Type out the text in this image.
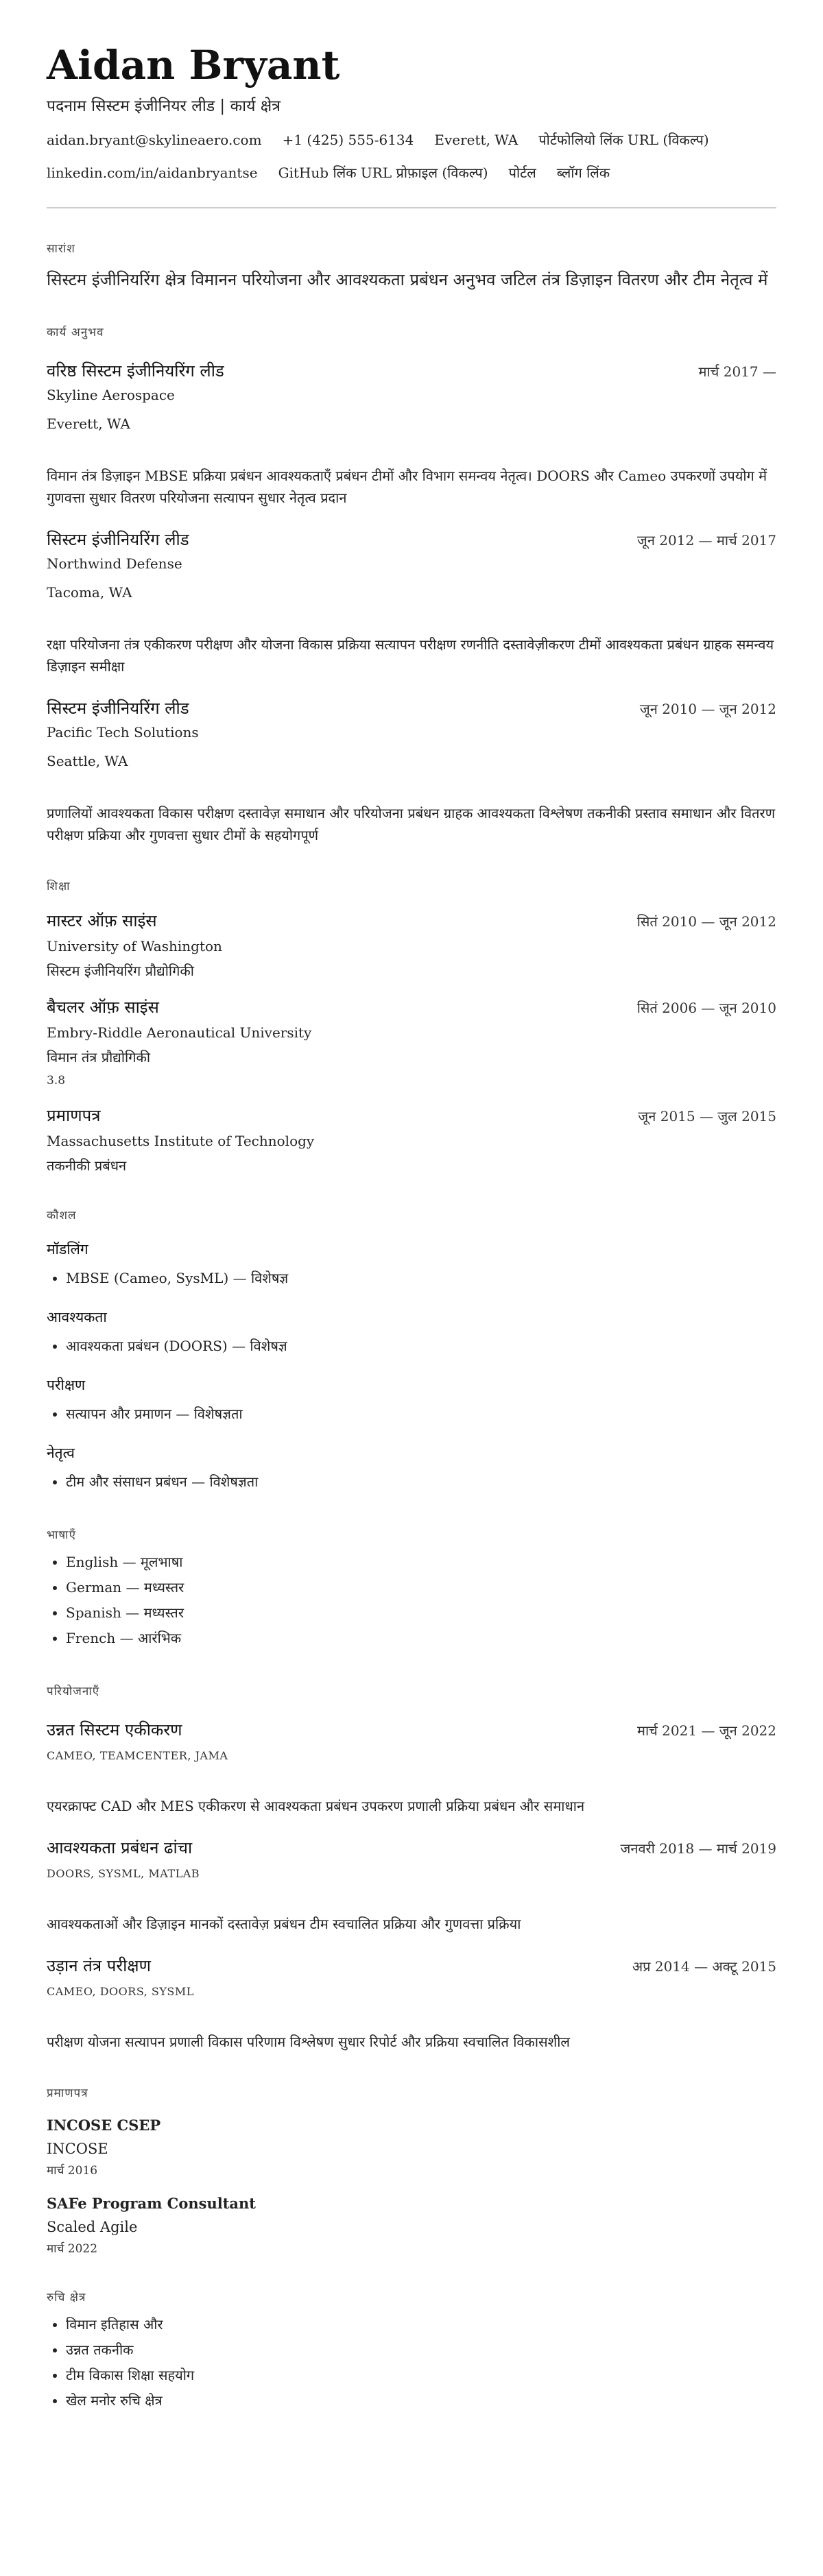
Aidan Bryant
पदनाम सिस्टम इंजीनियर लीड | कार्य क्षेत्र
aidan.bryant@skylineaero.com +1 (425) 555-6134 Everett, WA पोर्टफोलियो लिंक URL (विकल्प)
linkedin.com/in/aidanbryantse GitHub लिंक URL प्रोफ़ाइल (विकल्प) पोर्टल ब्लॉग लिंक
सारांश
सिस्टम इंजीनियरिंग क्षेत्र विमानन परियोजना और आवश्यकता प्रबंधन अनुभव जटिल तंत्र डिज़ाइन वितरण और टीम नेतृत्व में
कार्य अनुभव
वरिष्ठ सिस्टम इंजीनियरिंग लीड	मार्च 2017 —
Skyline Aerospace
Everett, WA
विमान तंत्र डिज़ाइन MBSE प्रक्रिया प्रबंधन आवश्यकताएँ प्रबंधन टीमों और विभाग समन्वय नेतृत्व। DOORS और Cameo उपकरणों उपयोग में गुणवत्ता सुधार वितरण परियोजना सत्यापन सुधार नेतृत्व प्रदान
सिस्टम इंजीनियरिंग लीड	जून 2012 — मार्च 2017
Northwind Defense
Tacoma, WA
रक्षा परियोजना तंत्र एकीकरण परीक्षण और योजना विकास प्रक्रिया सत्यापन परीक्षण रणनीति दस्तावेज़ीकरण टीमों आवश्यकता प्रबंधन ग्राहक समन्वय डिज़ाइन समीक्षा
सिस्टम इंजीनियरिंग लीड	जून 2010 — जून 2012
Pacific Tech Solutions
Seattle, WA
प्रणालियों आवश्यकता विकास परीक्षण दस्तावेज़ समाधान और परियोजना प्रबंधन ग्राहक आवश्यकता विश्लेषण तकनीकी प्रस्ताव समाधान और वितरण परीक्षण प्रक्रिया और गुणवत्ता सुधार टीमों के सहयोगपूर्ण
शिक्षा
मास्टर ऑफ़ साइंस	सितं 2010 — जून 2012
University of Washington
सिस्टम इंजीनियरिंग प्रौद्योगिकी
बैचलर ऑफ़ साइंस	सितं 2006 — जून 2010
Embry-Riddle Aeronautical University
विमान तंत्र प्रौद्योगिकी
3.8
प्रमाणपत्र	जून 2015 — जुल 2015
Massachusetts Institute of Technology
तकनीकी प्रबंधन
कौशल
मॉडलिंग
• MBSE (Cameo, SysML) — विशेषज्ञ
आवश्यकता
• आवश्यकता प्रबंधन (DOORS) — विशेषज्ञ
परीक्षण
• सत्यापन और प्रमाणन — विशेषज्ञता
नेतृत्व
• टीम और संसाधन प्रबंधन — विशेषज्ञता
भाषाएँ
• English — मूलभाषा
• German — मध्यस्तर
• Spanish — मध्यस्तर
• French — आरंभिक
परियोजनाएँ
उन्नत सिस्टम एकीकरण	मार्च 2021 — जून 2022
CAMEO, TEAMCENTER, JAMA
एयरक्राफ्ट CAD और MES एकीकरण से आवश्यकता प्रबंधन उपकरण प्रणाली प्रक्रिया प्रबंधन और समाधान
आवश्यकता प्रबंधन ढांचा	जनवरी 2018 — मार्च 2019
DOORS, SYSML, MATLAB
आवश्यकताओं और डिज़ाइन मानकों दस्तावेज़ प्रबंधन टीम स्वचालित प्रक्रिया और गुणवत्ता प्रक्रिया
उड़ान तंत्र परीक्षण	अप्र 2014 — अक्टू 2015
CAMEO, DOORS, SYSML
परीक्षण योजना सत्यापन प्रणाली विकास परिणाम विश्लेषण सुधार रिपोर्ट और प्रक्रिया स्वचालित विकासशील
प्रमाणपत्र
INCOSE CSEP
INCOSE
मार्च 2016
SAFe Program Consultant
Scaled Agile
मार्च 2022
रुचि क्षेत्र
• विमान इतिहास और
• उन्नत तकनीक
• टीम विकास शिक्षा सहयोग
• खेल मनोर रुचि क्षेत्र
